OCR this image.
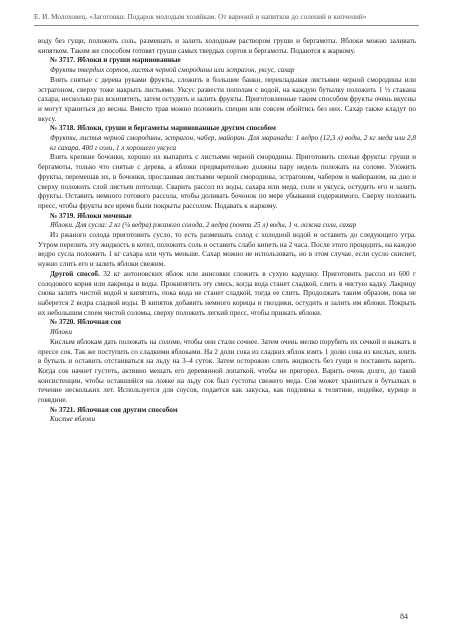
Е. И. Молоховец. «Заготовки. Подарок молодым хозяйкам. От варений и напитков до солений и копчений»

воду без гущи, положить соль, размешать и залить холодным раствором груши и бергамоты. Яблоки можно заливать кипятком. Таким же способом готовят груши самых твердых сортов и бергамоты. Подаются к жаркому.

№ 3717. Яблоки и груши маринованные

Фрукты твердых сортов, листья черной смородины или эстрагон, уксус, сахар

Взять снятые с дерева руками фрукты, сложить в большие банки, перекладывая листьями черной смородины или эстрагоном, сверху тоже накрыть листьями. Уксус развести пополам с водой, на каждую бутылку положить 1 ½ стакана сахара, несколько раз вскипятить, затем остудить и залить фрукты. Приготовленные таким способом фрукты очень вкусны и могут храниться до весны. Вместо трав можно положить специи или совсем обойтись без них. Сахар также кладут по вкусу.

№ 3718. Яблоки, груши и бергамоты маринованные другим способом

Фрукты, листья черной смородины, эстрагон, чабер, майоран. Для маринада: 1 ведро (12,3 л) воды, 2 кг меда или 2,8 кг сахара, 400 г соли, 1 л хорошего уксуса

Взять крепкие бочонки, хорошо их выпарить с листьями черной смородины. Приготовить спелые фрукты: груши и бергамоты, только что снятые с дерева, а яблоки предварительно должны пару недель полежать на соломе. Уложить фрукты, перемешав их, в бочонки, прослаивая листьями черной смородины, эстрагоном, чабером и майораном, на дно и сверху положить слой листьев потолще. Сварить рассол из воды, сахара или меда, соли и уксуса, остудить его и залить фрукты. Оставить немного готового рассола, чтобы доливать бочонок по мере убывания содержимого. Сверху положить пресс, чтобы фрукты все время были покрыты рассолом. Подавать к жаркому.

№ 3719. Яблоки моченые

Яблоки. Для сусла: 2 кг (¼ ведра) ржаного солода, 2 ведра (почти 25 л) воды, 1 ч. ложка соли, сахар

Из ржаного солода приготовить сусло, то есть размешать солод с холодной водой и оставить до следующего утра. Утром перелить эту жидкость в котел, положить соль и оставить слабо кипеть на 2 часа. После этого процедить, на каждое ведро сусла положить 1 кг сахара или чуть меньше. Сахар можно не использовать, но в этом случае, если сусло скиснет, нужно слить его и залить яблоки свежим.

Другой способ. 32 кг антоновских яблок или анисовки сложить в сухую кадушку. Приготовить рассол из 600 г солодового корня или лакрицы и воды. Прокипятить эту смесь, когда вода станет сладкой, слить в чистую кадку. Лакрицу снова залить чистой водой и кипятить, пока вода не станет сладкой, тогда ее слить. Продолжать таким образом, пока не наберется 2 ведра сладкой воды. В кипяток добавить немного корицы и гвоздики, остудить и залить им яблоки. Покрыть их небольшим слоем чистой соломы, сверху положить легкий пресс, чтобы прижать яблоки.

№ 3720. Яблочная соя

Яблоки

Кислым яблокам дать полежать на соломе, чтобы они стали сочнее. Затем очень мелко порубить их сечкой и выжать в прессе сок. Так же поступить со сладкими яблоками. На 2 доли сока из сладких яблок взять 1 долю сока из кислых, влить в бутыль и оставить отстаиваться на льду на 3–4 суток. Затем осторожно слить жидкость без гущи и поставить варить. Когда сок начнет густеть, активно мешать его деревянной лопаткой, чтобы не пригорел. Варить очень долго, до такой консистенции, чтобы оставшийся на ложке на льду сок был густоты свежего меда. Соя может храниться в бутылках в течение нескольких лет. Используется для соусов, подается как закуска, как подливка к телятине, индейке, курице и говядине.

№ 3721. Яблочная соя другим способом

Кислые яблоки

84
